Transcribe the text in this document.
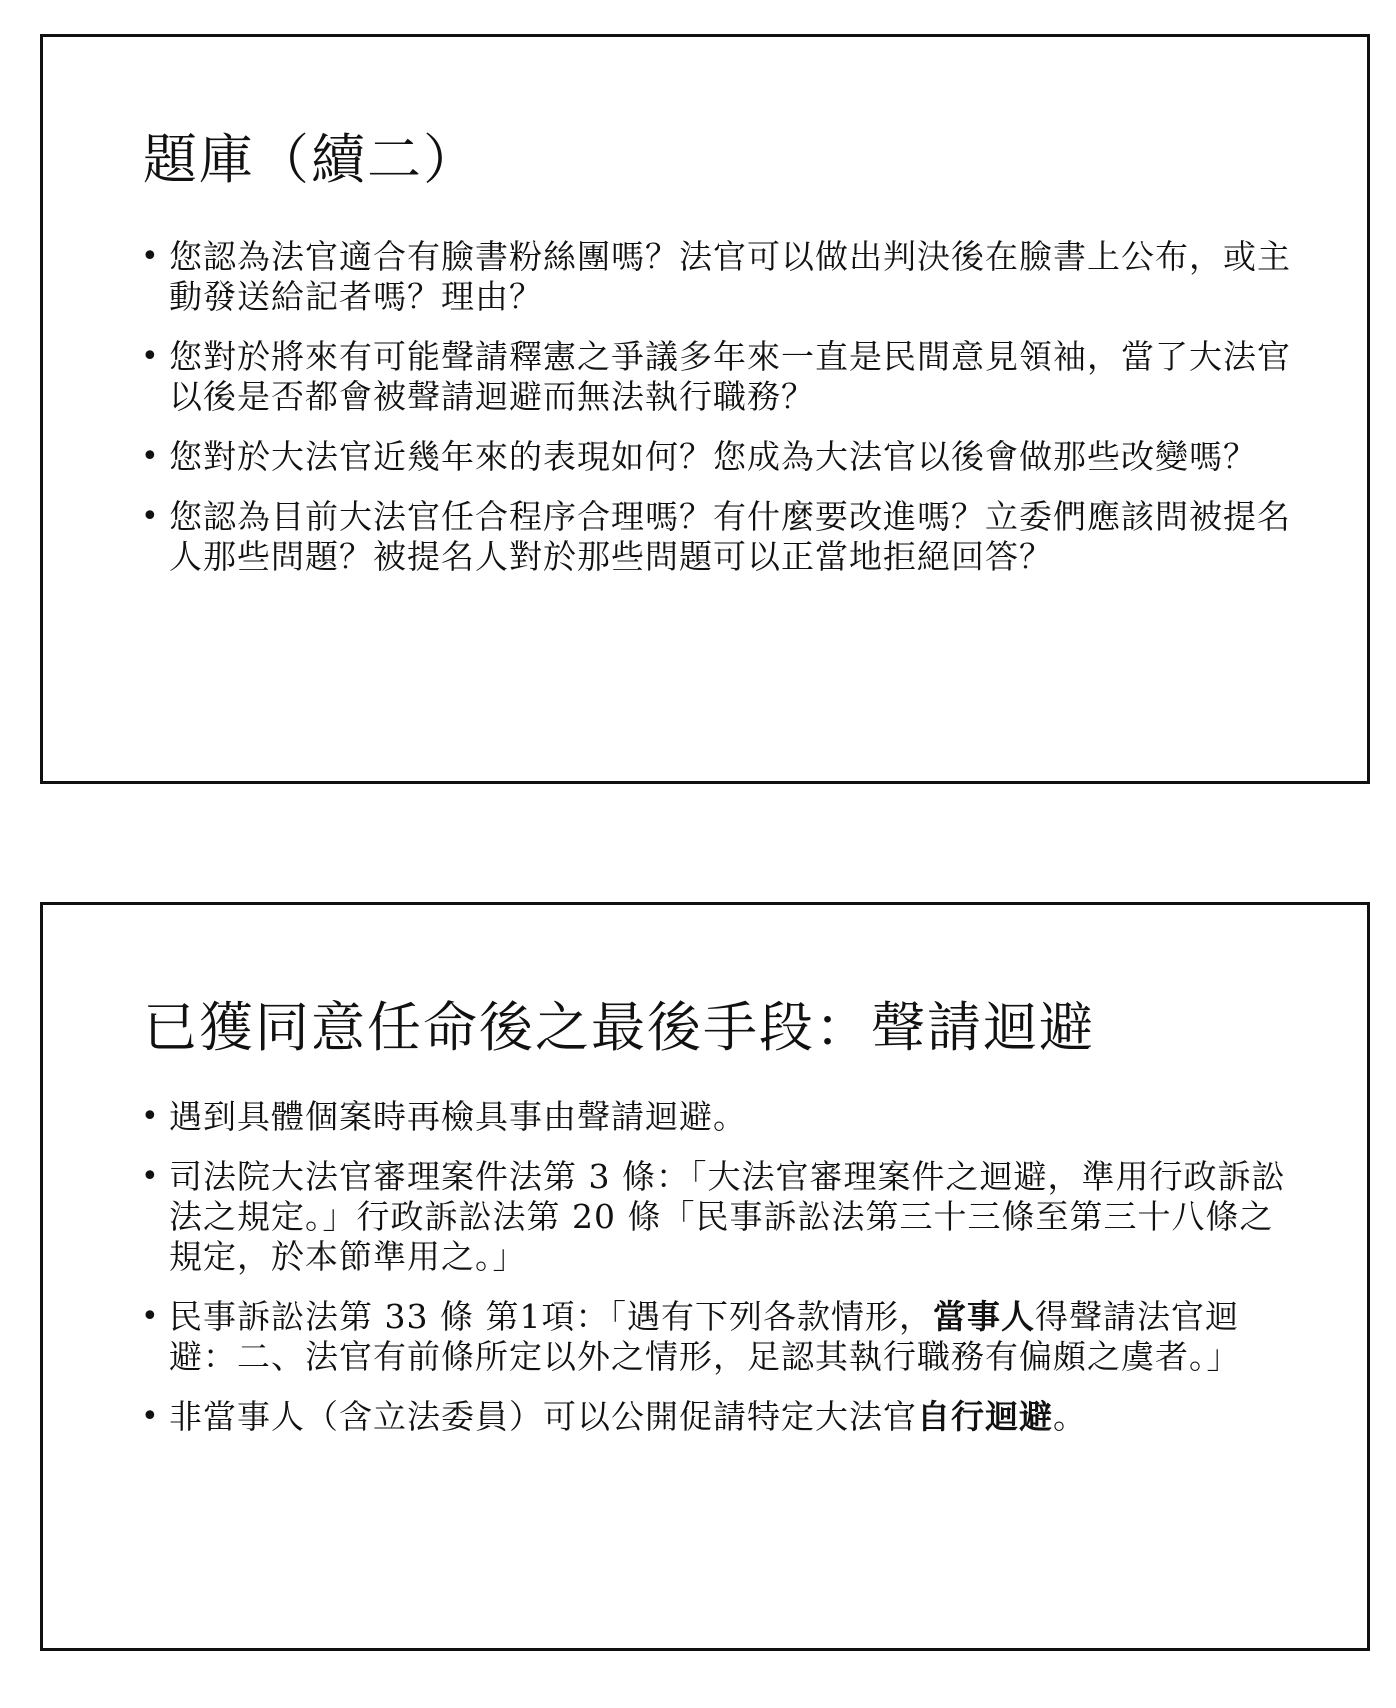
題庫（續二）
• 您認為法官適合有臉書粉絲團嗎？法官可以做出判決後在臉書上公布，或主動發送給記者嗎？理由？
• 您對於將來有可能聲請釋憲之爭議多年來一直是民間意見領袖，當了大法官以後是否都會被聲請迴避而無法執行職務？
• 您對於大法官近幾年來的表現如何？您成為大法官以後會做那些改變嗎？
• 您認為目前大法官任合程序合理嗎？有什麼要改進嗎？立委們應該問被提名人那些問題？被提名人對於那些問題可以正當地拒絕回答？
已獲同意任命後之最後手段：聲請迴避
• 遇到具體個案時再檢具事由聲請迴避。
• 司法院大法官審理案件法第 3 條：「大法官審理案件之迴避，準用行政訴訟法之規定。」行政訴訟法第 20 條「民事訴訟法第三十三條至第三十八條之規定，於本節準用之。」
• 民事訴訟法第 33 條 第1項：「遇有下列各款情形，當事人得聲請法官迴避：二、法官有前條所定以外之情形，足認其執行職務有偏頗之虞者。」
• 非當事人（含立法委員）可以公開促請特定大法官自行迴避。
